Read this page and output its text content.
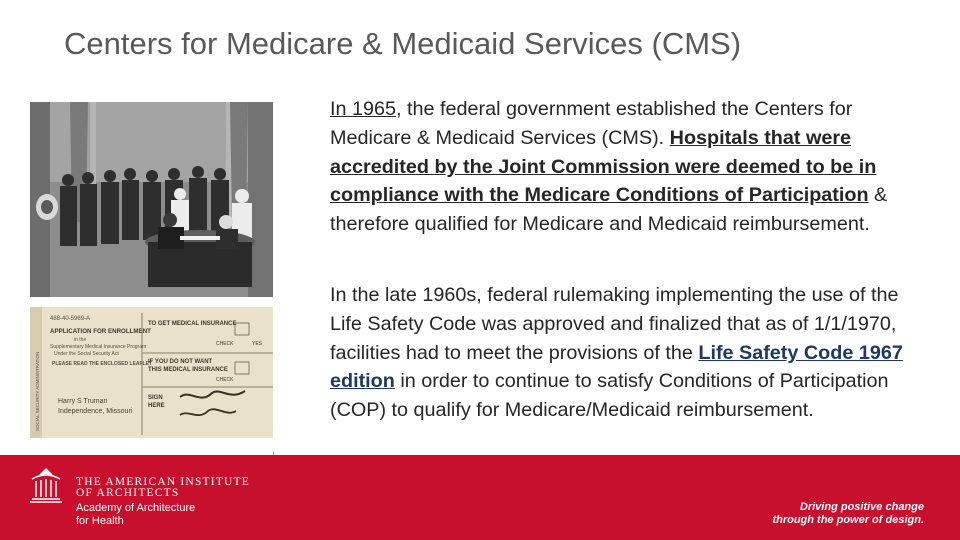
Centers for Medicare & Medicaid Services (CMS)
488-40-5969-A
APPLICATION FOR ENROLLMENT
in the
Supplementary Medical Insurance Program
Under the Social Security Act
PLEASE READ THE ENCLOSED LEAFLET
Harry S Truman
Independence, Missouri
TO GET MEDICAL INSURANCE
CHECK	YES
IF YOU DO NOT WANT
THIS MEDICAL INSURANCE
CHECK
SIGN
HERE
SOCIAL SECURITY ADMINISTRATION
In 1965, the federal government established the Centers for Medicare & Medicaid Services (CMS). Hospitals that were accredited by the Joint Commission were deemed to be in compliance with the Medicare Conditions of Participation & therefore qualified for Medicare and Medicaid reimbursement.
In the late 1960s, federal rulemaking implementing the use of the Life Safety Code was approved and finalized that as of 1/1/1970, facilities had to meet the provisions of the Life Safety Code 1967 edition in order to continue to satisfy Conditions of Participation (COP) to qualify for Medicare/Medicaid reimbursement.
THE AMERICAN INSTITUTE
OF ARCHITECTS
Academy of Architecture
for Health
Driving positive change
through the power of design.
